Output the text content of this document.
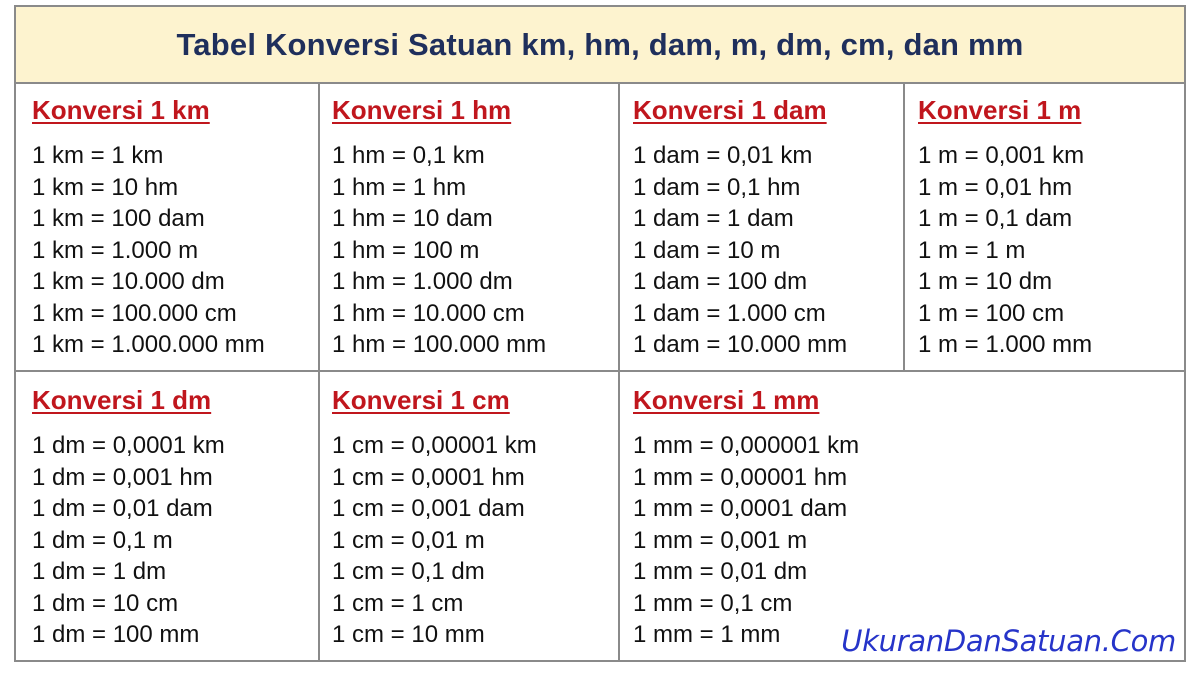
Tabel Konversi Satuan km, hm, dam, m, dm, cm, dan mm
Konversi 1 km
1 km = 1 km
1 km = 10 hm
1 km = 100 dam
1 km = 1.000 m
1 km = 10.000 dm
1 km = 100.000 cm
1 km = 1.000.000 mm
Konversi 1 hm
1 hm = 0,1 km
1 hm = 1 hm
1 hm = 10 dam
1 hm = 100 m
1 hm = 1.000 dm
1 hm = 10.000 cm
1 hm = 100.000 mm
Konversi 1 dam
1 dam = 0,01 km
1 dam = 0,1 hm
1 dam = 1 dam
1 dam = 10 m
1 dam = 100 dm
1 dam = 1.000 cm
1 dam = 10.000 mm
Konversi 1 m
1 m = 0,001 km
1 m = 0,01 hm
1 m = 0,1 dam
1 m = 1 m
1 m = 10 dm
1 m = 100 cm
1 m = 1.000 mm
Konversi 1 dm
1 dm = 0,0001 km
1 dm = 0,001 hm
1 dm = 0,01 dam
1 dm = 0,1 m
1 dm = 1 dm
1 dm = 10 cm
1 dm = 100 mm
Konversi 1 cm
1 cm = 0,00001 km
1 cm = 0,0001 hm
1 cm = 0,001 dam
1 cm = 0,01 m
1 cm = 0,1 dm
1 cm = 1 cm
1 cm = 10 mm
Konversi 1 mm
1 mm = 0,000001 km
1 mm = 0,00001 hm
1 mm = 0,0001 dam
1 mm = 0,001 m
1 mm = 0,01 dm
1 mm = 0,1 cm
1 mm = 1 mm	UkuranDanSatuan.Com
